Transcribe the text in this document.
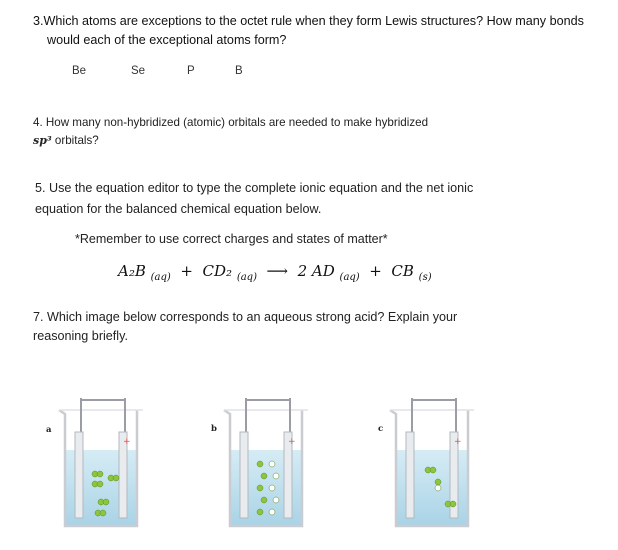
3.Which atoms are exceptions to the octet rule when they form Lewis structures? How many bonds
would each of the exceptional atoms form?
Be	Se	P	B
4. How many non-hybridized (atomic) orbitals are needed to make hybridized
sp³ orbitals?
5. Use the equation editor to type the complete ionic equation and the net ionic
equation for the balanced chemical equation below.
*Remember to use correct charges and states of matter*
A₂B $_{(aq)}$ + CD₂ $_{(aq)}$ ⟶ 2 AD $_{(aq)}$ + CB $_{(s)}$
7. Which image below corresponds to an aqueous strong acid? Explain your
reasoning briefly.
a	b	c
+	+	+
